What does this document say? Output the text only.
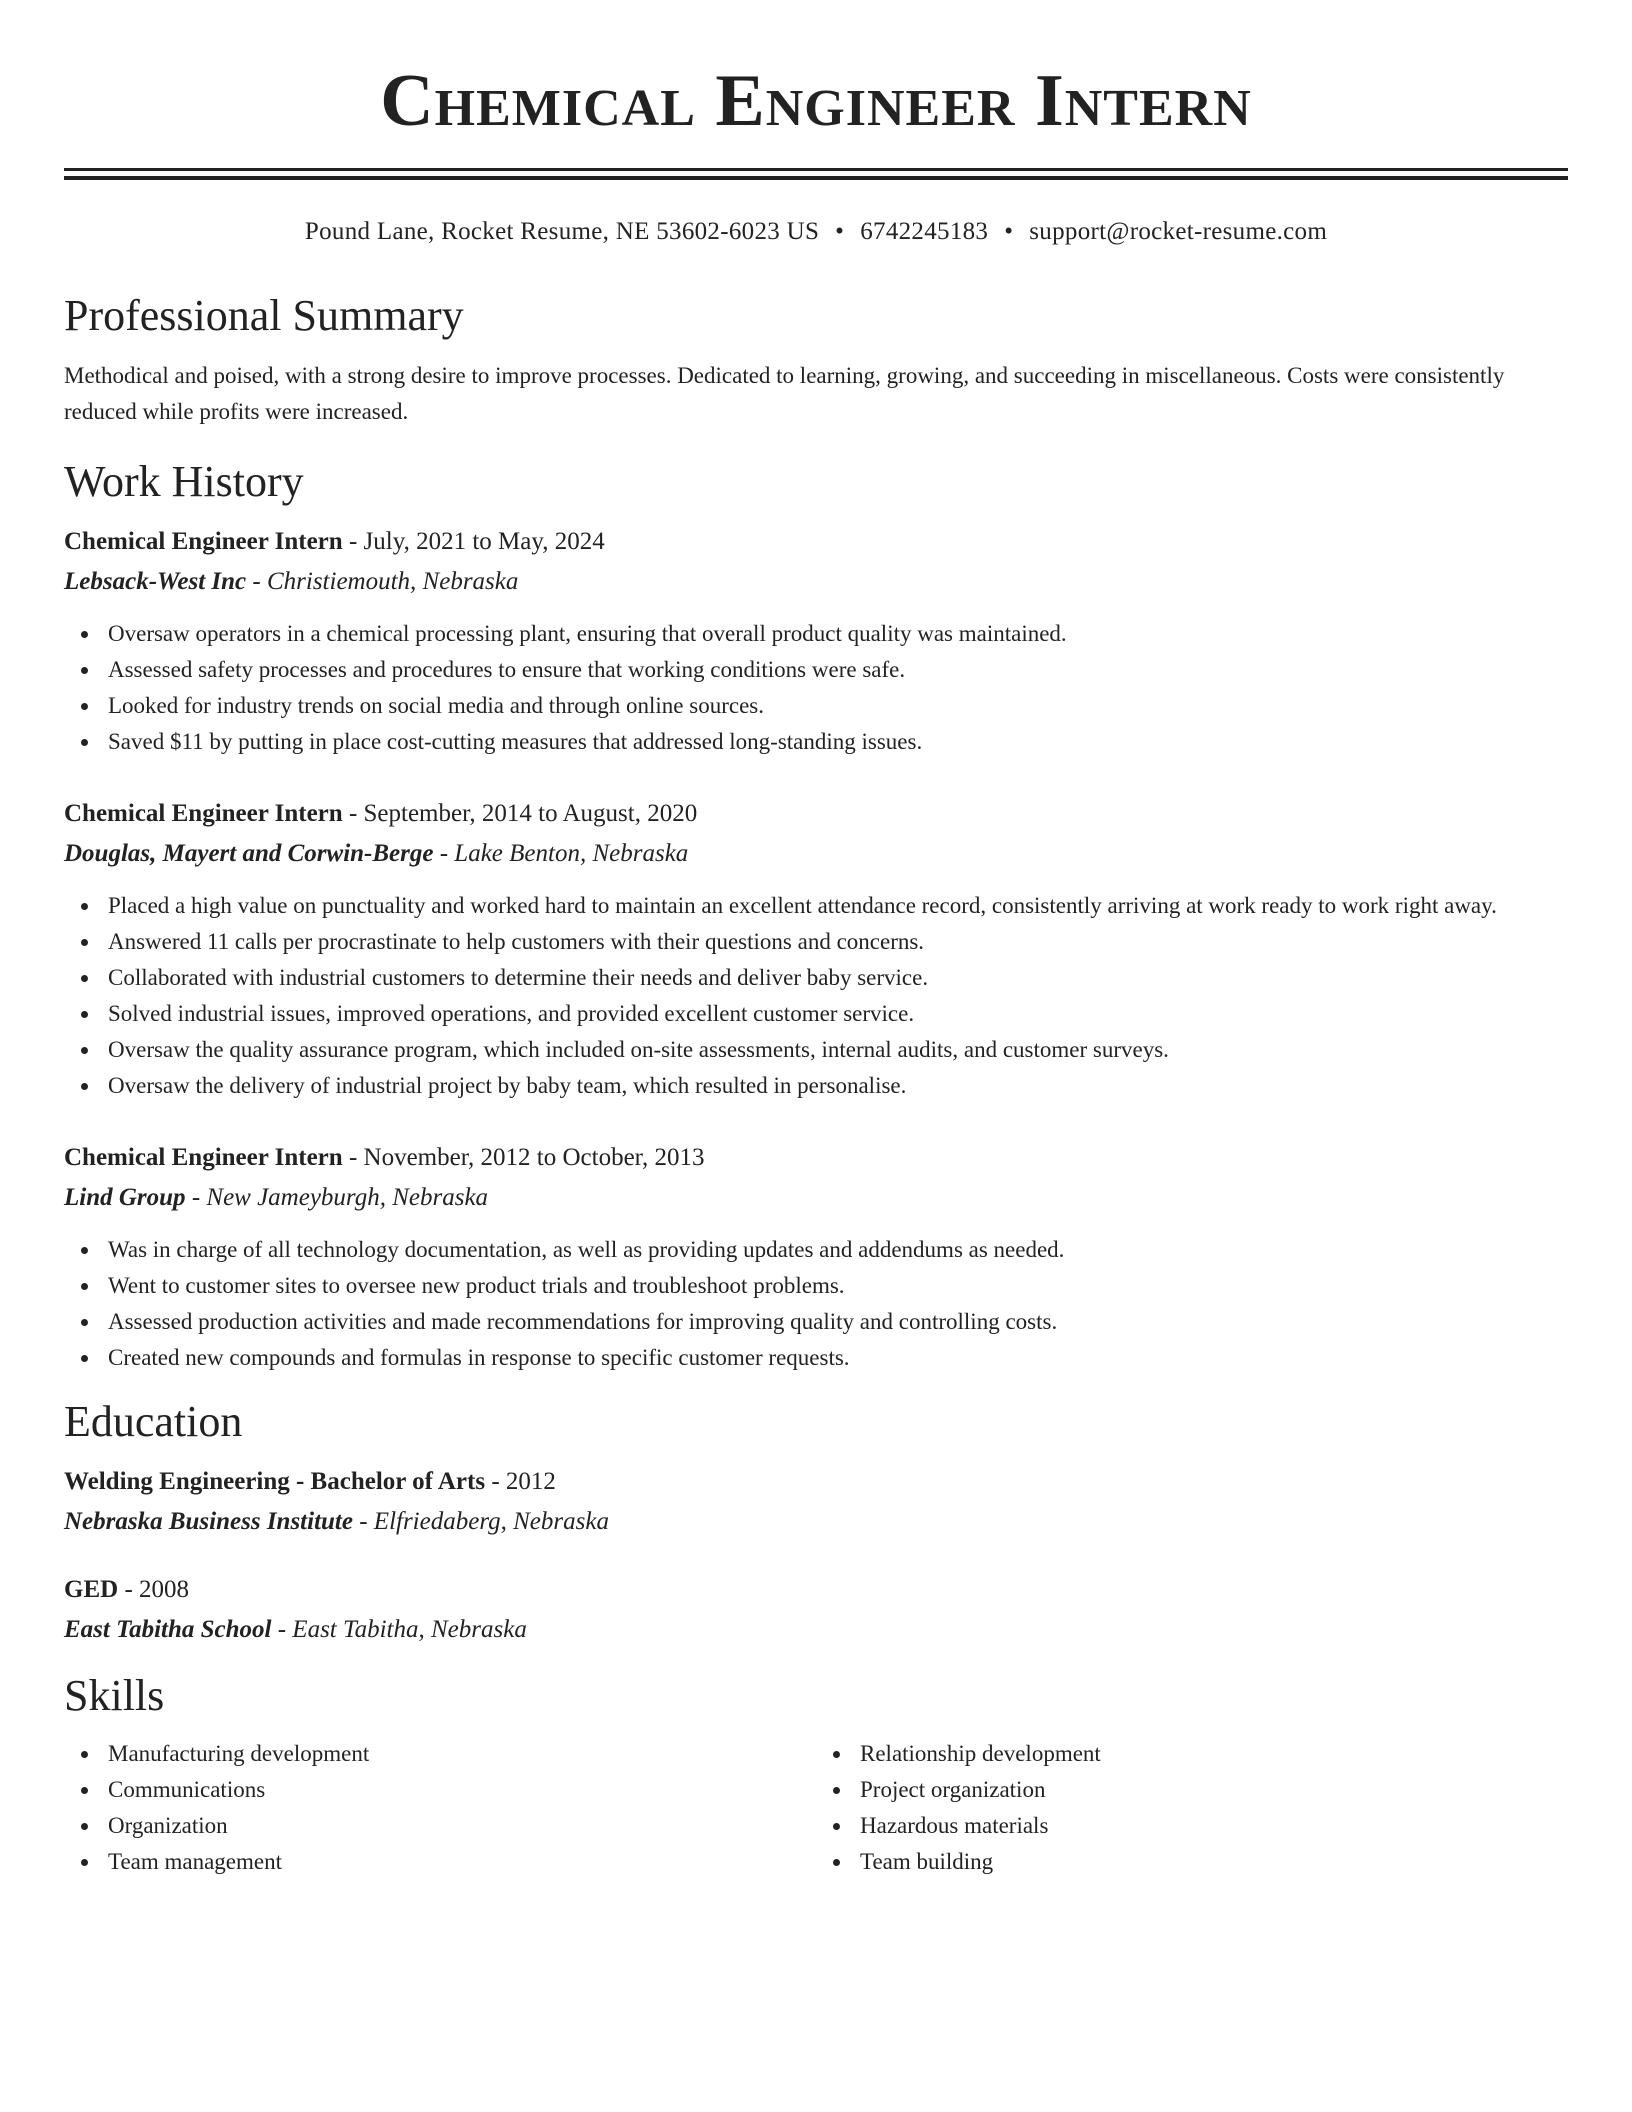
Chemical Engineer Intern
Pound Lane, Rocket Resume, NE 53602-6023 US • 6742245183 • support@rocket-resume.com
Professional Summary
Methodical and poised, with a strong desire to improve processes. Dedicated to learning, growing, and succeeding in miscellaneous. Costs were consistently reduced while profits were increased.
Work History
Chemical Engineer Intern - July, 2021 to May, 2024
Lebsack-West Inc - Christiemouth, Nebraska
Oversaw operators in a chemical processing plant, ensuring that overall product quality was maintained.
Assessed safety processes and procedures to ensure that working conditions were safe.
Looked for industry trends on social media and through online sources.
Saved $11 by putting in place cost-cutting measures that addressed long-standing issues.
Chemical Engineer Intern - September, 2014 to August, 2020
Douglas, Mayert and Corwin-Berge - Lake Benton, Nebraska
Placed a high value on punctuality and worked hard to maintain an excellent attendance record, consistently arriving at work ready to work right away.
Answered 11 calls per procrastinate to help customers with their questions and concerns.
Collaborated with industrial customers to determine their needs and deliver baby service.
Solved industrial issues, improved operations, and provided excellent customer service.
Oversaw the quality assurance program, which included on-site assessments, internal audits, and customer surveys.
Oversaw the delivery of industrial project by baby team, which resulted in personalise.
Chemical Engineer Intern - November, 2012 to October, 2013
Lind Group - New Jameyburgh, Nebraska
Was in charge of all technology documentation, as well as providing updates and addendums as needed.
Went to customer sites to oversee new product trials and troubleshoot problems.
Assessed production activities and made recommendations for improving quality and controlling costs.
Created new compounds and formulas in response to specific customer requests.
Education
Welding Engineering - Bachelor of Arts - 2012
Nebraska Business Institute - Elfriedaberg, Nebraska
GED - 2008
East Tabitha School - East Tabitha, Nebraska
Skills
Manufacturing development
Communications
Organization
Team management
Relationship development
Project organization
Hazardous materials
Team building
